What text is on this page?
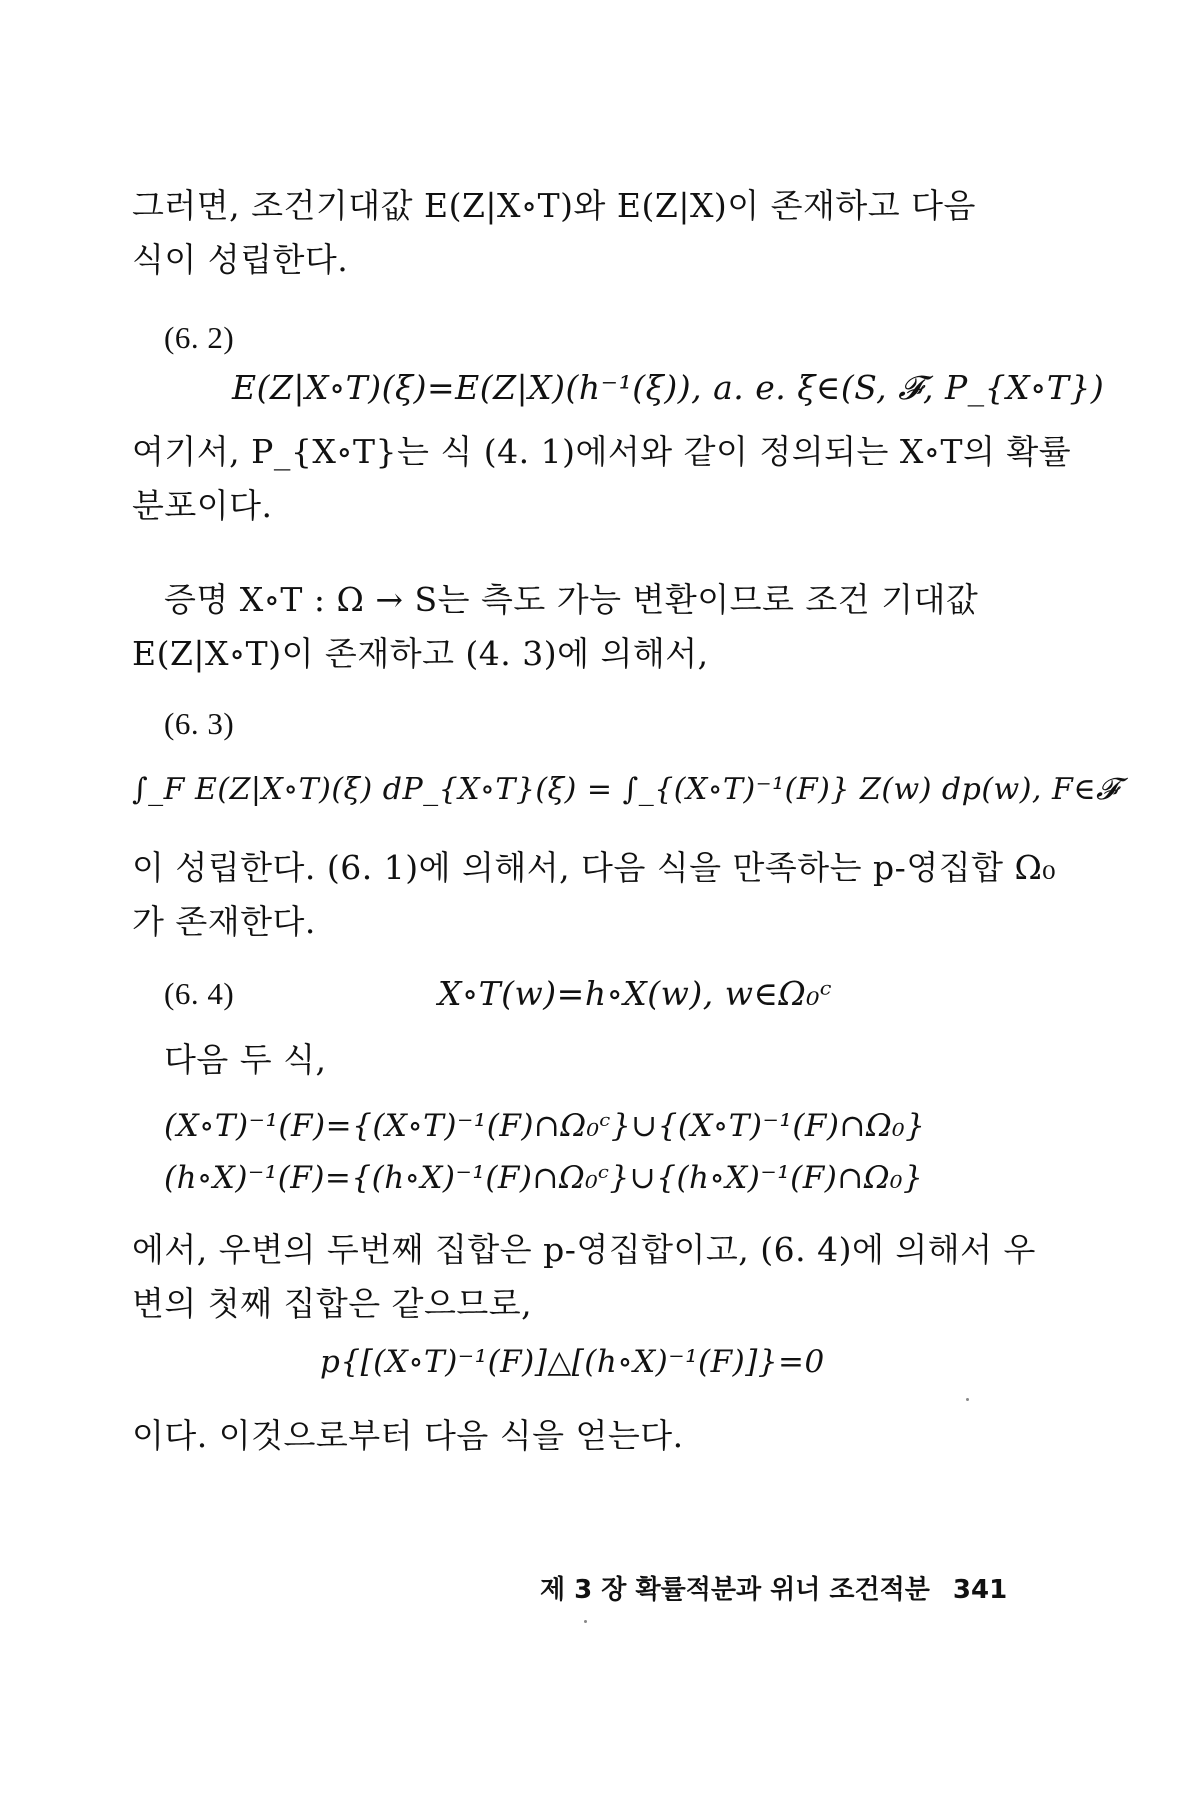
그러면, 조건기대값 E(Z|X∘T)와 E(Z|X)이 존재하고 다음
식이 성립한다.
(6. 2)
E(Z|X∘T)(ξ)=E(Z|X)(h⁻¹(ξ)), a. e. ξ∈(S, 𝓕, P_{X∘T})
여기서, P_{X∘T}는 식 (4. 1)에서와 같이 정의되는 X∘T의 확률
분포이다.
증명 X∘T : Ω → S는 측도 가능 변환이므로 조건 기대값
E(Z|X∘T)이 존재하고 (4. 3)에 의해서,
(6. 3)
∫_F E(Z|X∘T)(ξ) dP_{X∘T}(ξ) = ∫_{(X∘T)⁻¹(F)} Z(w) dp(w), F∈𝓕
이 성립한다. (6. 1)에 의해서, 다음 식을 만족하는 p-영집합 Ω₀
가 존재한다.
(6. 4)	X∘T(w)=h∘X(w), w∈Ω₀ᶜ
다음 두 식,
(X∘T)⁻¹(F)={(X∘T)⁻¹(F)∩Ω₀ᶜ}∪{(X∘T)⁻¹(F)∩Ω₀}
(h∘X)⁻¹(F)={(h∘X)⁻¹(F)∩Ω₀ᶜ}∪{(h∘X)⁻¹(F)∩Ω₀}
에서, 우변의 두번째 집합은 p-영집합이고, (6. 4)에 의해서 우
변의 첫째 집합은 같으므로,
p{[(X∘T)⁻¹(F)]△[(h∘X)⁻¹(F)]}=0
이다. 이것으로부터 다음 식을 얻는다.
제 3 장 확률적분과 위너 조건적분 341
